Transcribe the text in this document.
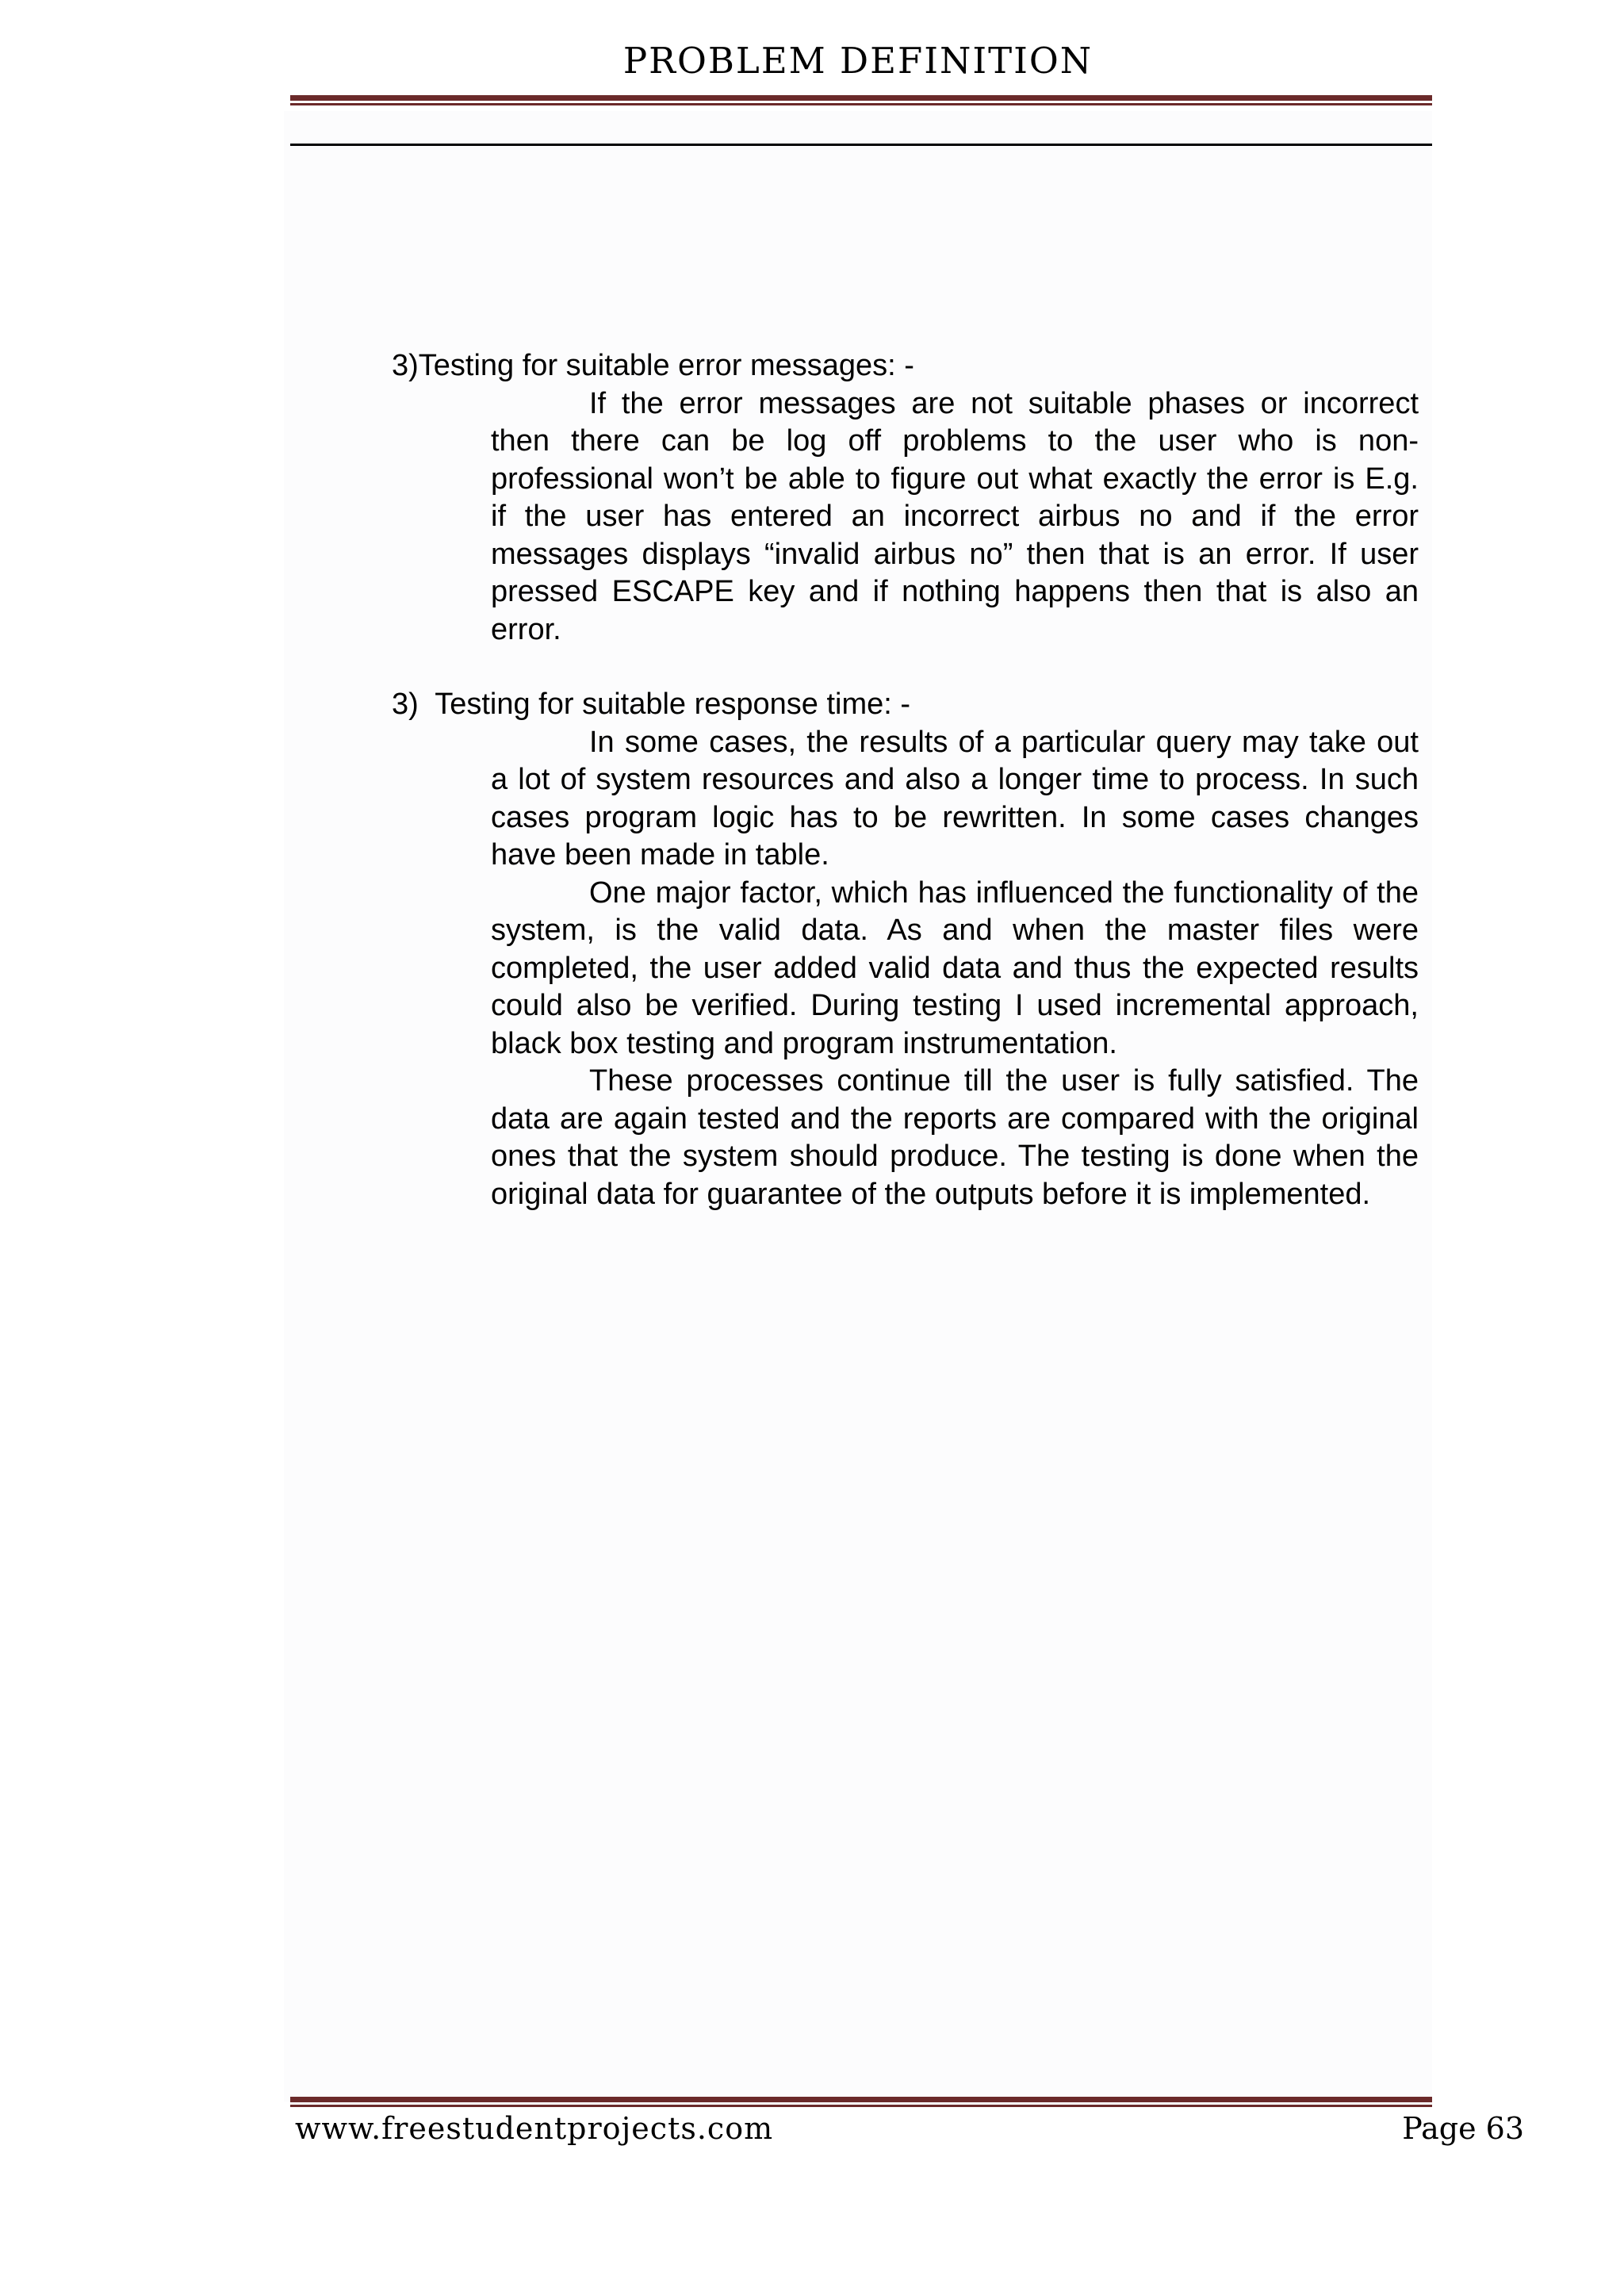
PROBLEM DEFINITION

3)Testing for suitable error messages: -

If the error messages are not suitable phases or incorrect then there can be log off problems to the user who is non-professional won’t be able to figure out what exactly the error is E.g. if the user has entered an incorrect airbus no and if the error messages displays “invalid airbus no” then that is an error. If user pressed ESCAPE key and if nothing happens then that is also an error.

3)  Testing for suitable response time: -

In some cases, the results of a particular query may take out a lot of system resources and also a longer time to process. In such cases program logic has to be rewritten. In some cases changes have been made in table.

One major factor, which has influenced the functionality of the system, is the valid data. As and when the master files were completed, the user added valid data and thus the expected results could also be verified. During testing I used incremental approach, black box testing and program instrumentation.

These processes continue till the user is fully satisfied. The data are again tested and the reports are compared with the original ones that the system should produce. The testing is done when the original data for guarantee of the outputs before it is implemented.

www.freestudentprojects.com	Page 63
